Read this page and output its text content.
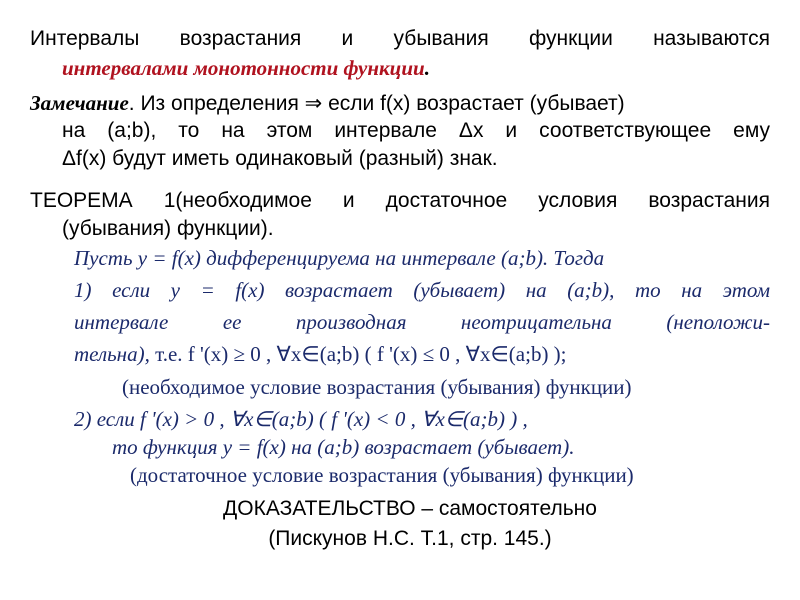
Интервалы возрастания и убывания функции называются
интервалами монотонности функции.
Замечание. Из определения ⇒ если f(x) возрастает (убывает)
на (a;b), то на этом интервале Δx и соответствующее ему
Δf(x) будут иметь одинаковый (разный) знак.
ТЕОРЕМА 1(необходимое и достаточное условия возрастания
(убывания) функции).
Пусть y = f(x) дифференцируема на интервале (a;b). Тогда
1) если y = f(x) возрастает (убывает) на (a;b), то на этом
интервале ее производная неотрицательна (неположи-
тельна), т.е. f '(x) ≥ 0 , ∀x∈(a;b) ( f '(x) ≤ 0 , ∀x∈(a;b) );
(необходимое условие возрастания (убывания) функции)
2) если f '(x) > 0 , ∀x∈(a;b) ( f '(x) < 0 , ∀x∈(a;b) ) ,
то функция y = f(x) на (a;b) возрастает (убывает).
(достаточное условие возрастания (убывания) функции)
ДОКАЗАТЕЛЬСТВО – самостоятельно
(Пискунов Н.С. Т.1, стр. 145.)
